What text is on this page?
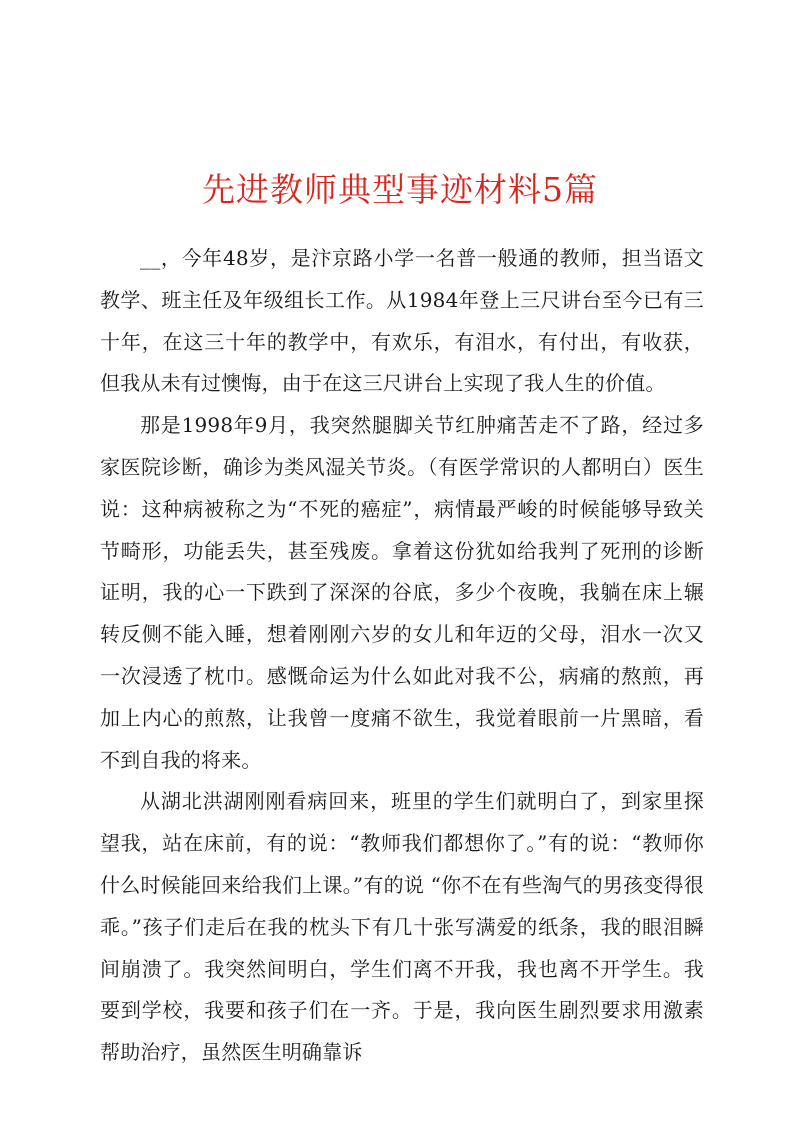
先进教师典型事迹材料5篇

__，今年48岁，是汴京路小学一名普一般通的教师，担当语文教学、班主任及年级组长工作。从1984年登上三尺讲台至今已有三十年，在这三十年的教学中，有欢乐，有泪水，有付出，有收获，但我从未有过懊悔，由于在这三尺讲台上实现了我人生的价值。

那是1998年9月，我突然腿脚关节红肿痛苦走不了路，经过多家医院诊断，确诊为类风湿关节炎。（有医学常识的人都明白）医生说：这种病被称之为“不死的癌症”，病情最严峻的时候能够导致关节畸形，功能丢失，甚至残废。拿着这份犹如给我判了死刑的诊断证明，我的心一下跌到了深深的谷底，多少个夜晚，我躺在床上辗转反侧不能入睡，想着刚刚六岁的女儿和年迈的父母，泪水一次又一次浸透了枕巾。感慨命运为什么如此对我不公，病痛的熬煎，再加上内心的煎熬，让我曾一度痛不欲生，我觉着眼前一片黑暗，看不到自我的将来。

从湖北洪湖刚刚看病回来，班里的学生们就明白了，到家里探望我，站在床前，有的说：“教师我们都想你了。”有的说：“教师你什么时候能回来给我们上课。”有的说 “你不在有些淘气的男孩变得很乖。”孩子们走后在我的枕头下有几十张写满爱的纸条，我的眼泪瞬间崩溃了。我突然间明白，学生们离不开我，我也离不开学生。我要到学校，我要和孩子们在一齐。于是，我向医生剧烈要求用激素帮助治疗，虽然医生明确靠诉
